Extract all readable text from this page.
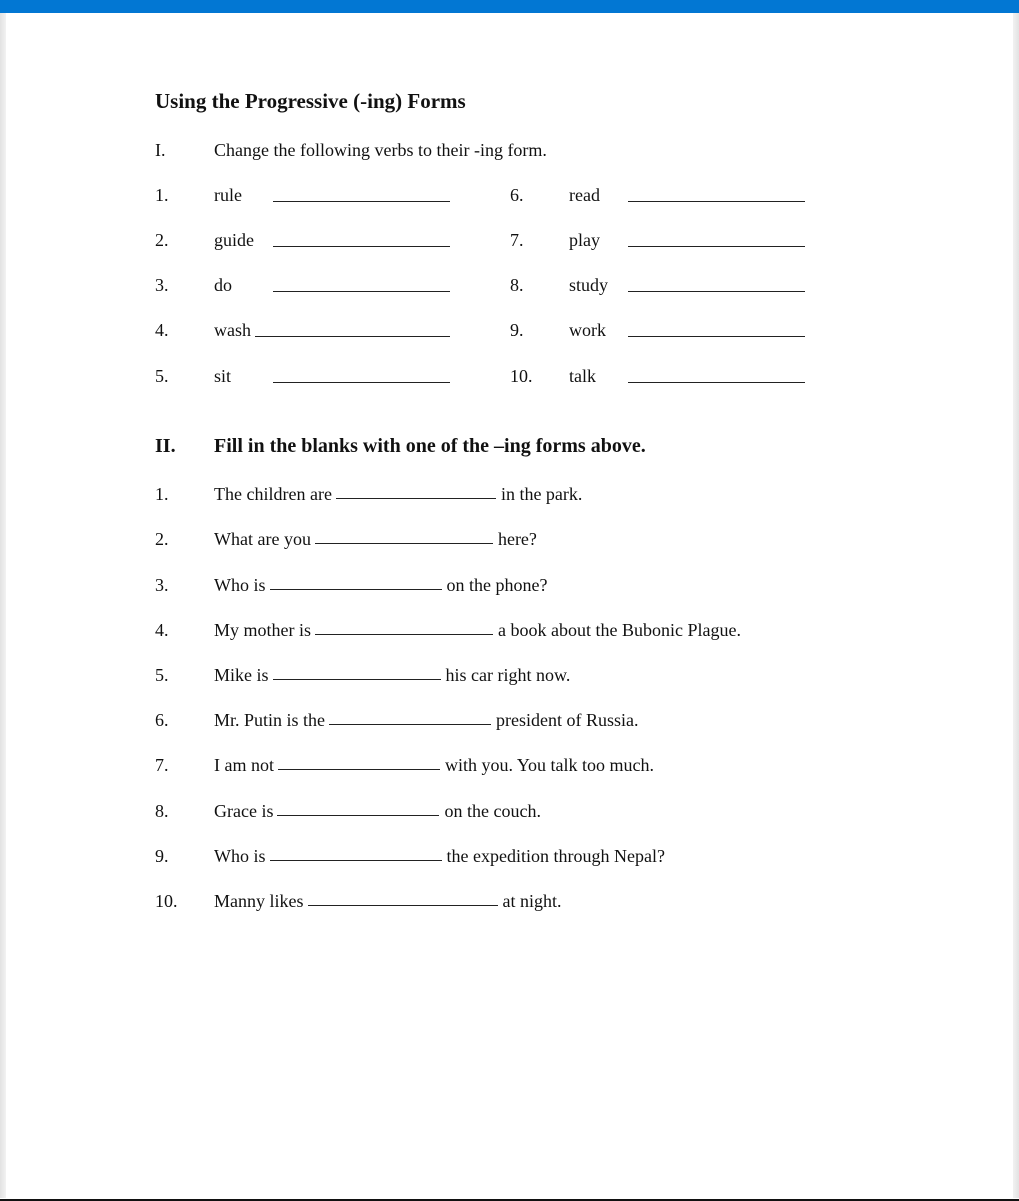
Using the Progressive (-ing) Forms
I.	Change the following verbs to their -ing form.
1.	rule
2.	guide
3.	do
4.	wash
5.	sit
6.	read
7.	play
8.	study
9.	work
10. talk
II. Fill in the blanks with one of the –ing forms above.
1.	The children are	in the park.
2.	What are you	here?
3.	Who is	on the phone?
4.	My mother is	a book about the Bubonic Plague.
5.	Mike is	his car right now.
6.	Mr. Putin is the	president of Russia.
7.	I am not	with you. You talk too much.
8.	Grace is	on the couch.
9.	Who is	the expedition through Nepal?
10. Manny likes	at night.
